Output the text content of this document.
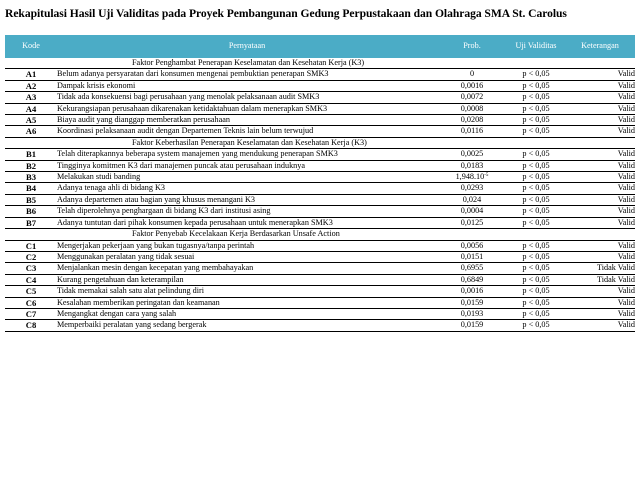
Rekapitulasi Hasil Uji Validitas pada Proyek Pembangunan Gedung Perpustakaan dan Olahraga SMA St. Carolus
Kode	Pernyataan	Prob.	Uji Validitas	Keterangan
	Faktor Penghambat Penerapan Keselamatan dan Kesehatan Kerja (K3)			
A1	Belum adanya persyaratan dari konsumen mengenai pembuktian penerapan SMK3	0	p < 0,05	Valid
A2	Dampak krisis ekonomi	0,0016	p < 0,05	Valid
A3	Tidak ada konsekuensi bagi perusahaan yang menolak pelaksanaan audit SMK3	0,0072	p < 0,05	Valid
A4	Kekurangsiapan perusahaan dikarenakan ketidaktahuan dalam menerapkan SMK3	0,0008	p < 0,05	Valid
A5	Biaya audit yang dianggap memberatkan perusahaan	0,0208	p < 0,05	Valid
A6	Koordinasi pelaksanaan audit dengan Departemen Teknis lain belum terwujud	0,0116	p < 0,05	Valid
	Faktor Keberhasilan Penerapan Keselamatan dan Kesehatan Kerja (K3)			
B1	Telah diterapkannya beberapa system manajemen yang mendukung penerapan SMK3	0,0025	p < 0,05	Valid
B2	Tingginya komitmen K3 dari manajemen puncak atau perusahaan induknya	0,0183	p < 0,05	Valid
B3	Melakukan studi banding	$1,948.10^{-5}$	p < 0,05	Valid
B4	Adanya tenaga ahli di bidang K3	0,0293	p < 0,05	Valid
B5	Adanya departemen atau bagian yang khusus menangani K3	0,024	p < 0,05	Valid
B6	Telah diperolehnya penghargaan di bidang K3 dari institusi asing	0,0004	p < 0,05	Valid
B7	Adanya tuntutan dari pihak konsumen kepada perusahaan untuk menerapkan SMK3	0,0125	p < 0,05	Valid
	Faktor Penyebab Kecelakaan Kerja Berdasarkan Unsafe Action			
C1	Mengerjakan pekerjaan yang bukan tugasnya/tanpa perintah	0,0056	p < 0,05	Valid
C2	Menggunakan peralatan yang tidak sesuai	0,0151	p < 0,05	Valid
C3	Menjalankan mesin dengan kecepatan yang membahayakan	0,6955	p < 0,05	Tidak Valid
C4	Kurang pengetahuan dan keterampilan	0,6849	p < 0,05	Tidak Valid
C5	Tidak memakai salah satu alat pelindung diri	0,0016	p < 0,05	Valid
C6	Kesalahan memberikan peringatan dan keamanan	0,0159	p < 0,05	Valid
C7	Mengangkat dengan cara yang salah	0,0193	p < 0,05	Valid
C8	Memperbaiki peralatan yang sedang bergerak	0,0159	p < 0,05	Valid
